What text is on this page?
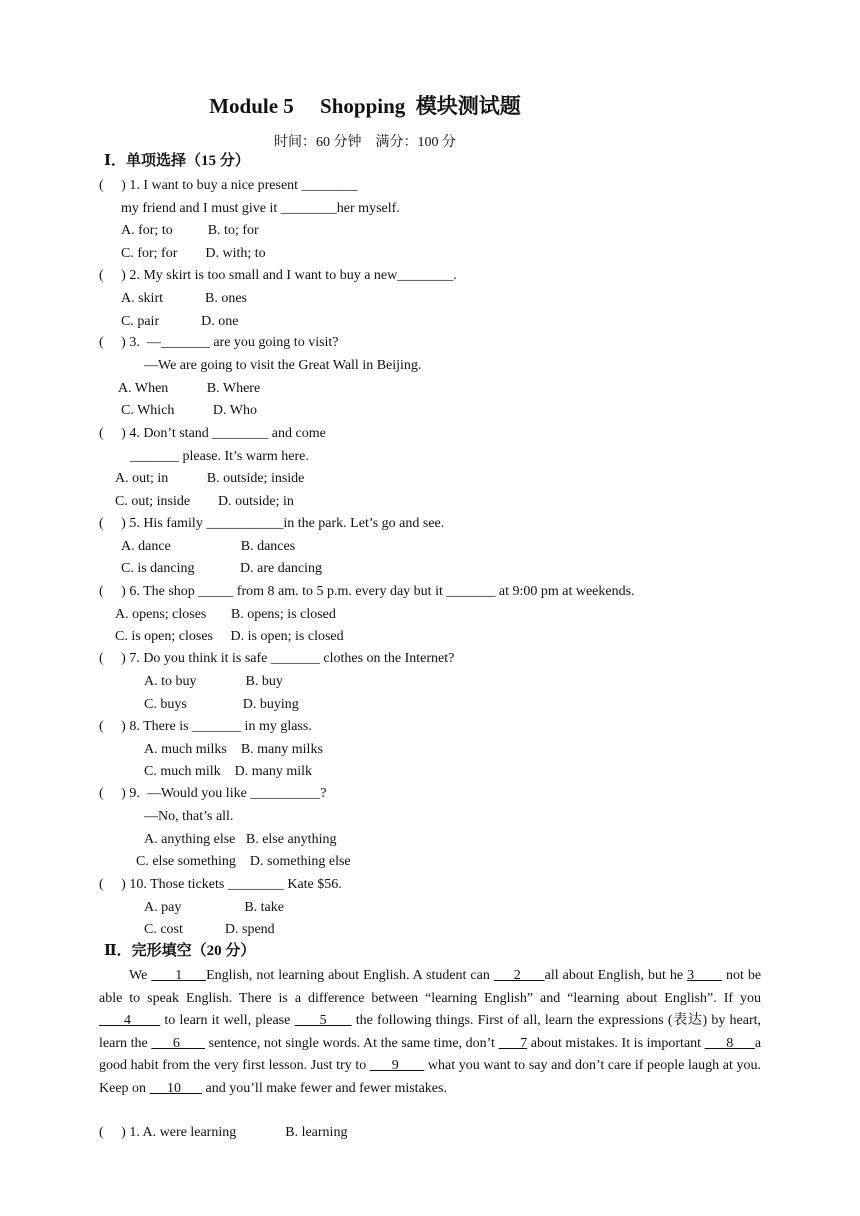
Module 5     Shopping  模块测试题
时间：60 分钟    满分：100 分
Ⅰ．单项选择（15 分）
(     ) 1. I want to buy a nice present ________
my friend and I must give it ________her myself.
A. for; to          B. to; for
C. for; for        D. with; to
(     ) 2. My skirt is too small and I want to buy a new________.
A. skirt            B. ones
C. pair            D. one
(     ) 3.  —_______ are you going to visit?
—We are going to visit the Great Wall in Beijing.
A. When           B. Where
C. Which           D. Who
(     ) 4. Don’t stand ________ and come
_______ please. It’s warm here.
A. out; in           B. outside; inside
C. out; inside        D. outside; in
(     ) 5. His family ___________in the park. Let’s go and see.
A. dance                    B. dances
C. is dancing             D. are dancing
(     ) 6. The shop _____ from 8 am. to 5 p.m. every day but it _______ at 9:00 pm at weekends.
A. opens; closes       B. opens; is closed
C. is open; closes     D. is open; is closed
(     ) 7. Do you think it is safe _______ clothes on the Internet?
A. to buy              B. buy
C. buys                D. buying
(     ) 8. There is _______ in my glass.
A. much milks    B. many milks
C. much milk    D. many milk
(     ) 9.  —Would you like __________?
—No, that’s all.
A. anything else   B. else anything
C. else something    D. something else
(     ) 10. Those tickets ________ Kate $56.
A. pay                  B. take
C. cost            D. spend
Ⅱ．完形填空（20 分）
We       1      English, not learning about English. A student can      2      all about English, but he 3        not be able to speak English. There is a difference between “learning English” and “learning about English”. If you       4        to learn it well, please       5       the following things. First of all, learn the expressions (表达) by heart, learn the       6        sentence, not single words. At the same time, don’t       7 about mistakes. It is important       8      a good habit from the very first lesson. Just try to       9        what you want to say and don’t care if people laugh at you. Keep on      10       and you’ll make fewer and fewer mistakes.
(     ) 1. A. were learning              B. learning
